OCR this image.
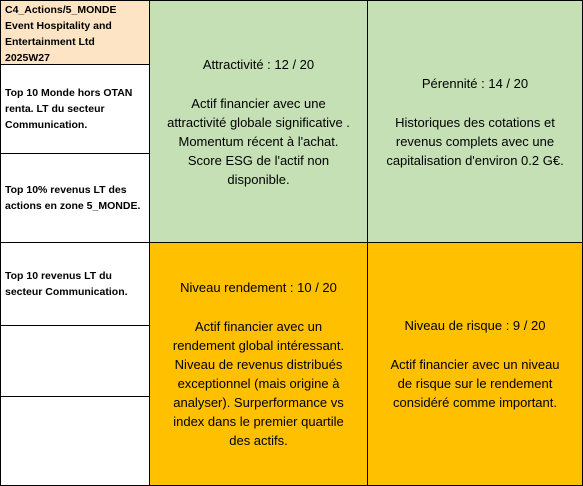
C4_Actions/5_MONDE
Event Hospitality and
Entertainment Ltd
2025W27
Top 10 Monde hors OTAN renta. LT du secteur Communication.
Top 10% revenus LT des actions en zone 5_MONDE.
Top 10 revenus LT du secteur Communication.
Attractivité : 12 / 20
Actif financier avec une attractivité globale significative . Momentum récent à l'achat. Score ESG de l'actif non disponible.
Pérennité : 14 / 20
Historiques des cotations et revenus complets avec une capitalisation d'environ 0.2 G€.
Niveau rendement : 10 / 20
Actif financier avec un rendement global intéressant. Niveau de revenus distribués exceptionnel (mais origine à analyser). Surperformance vs index dans le premier quartile des actifs.
Niveau de risque : 9 / 20
Actif financier avec un niveau de risque sur le rendement considéré comme important.
